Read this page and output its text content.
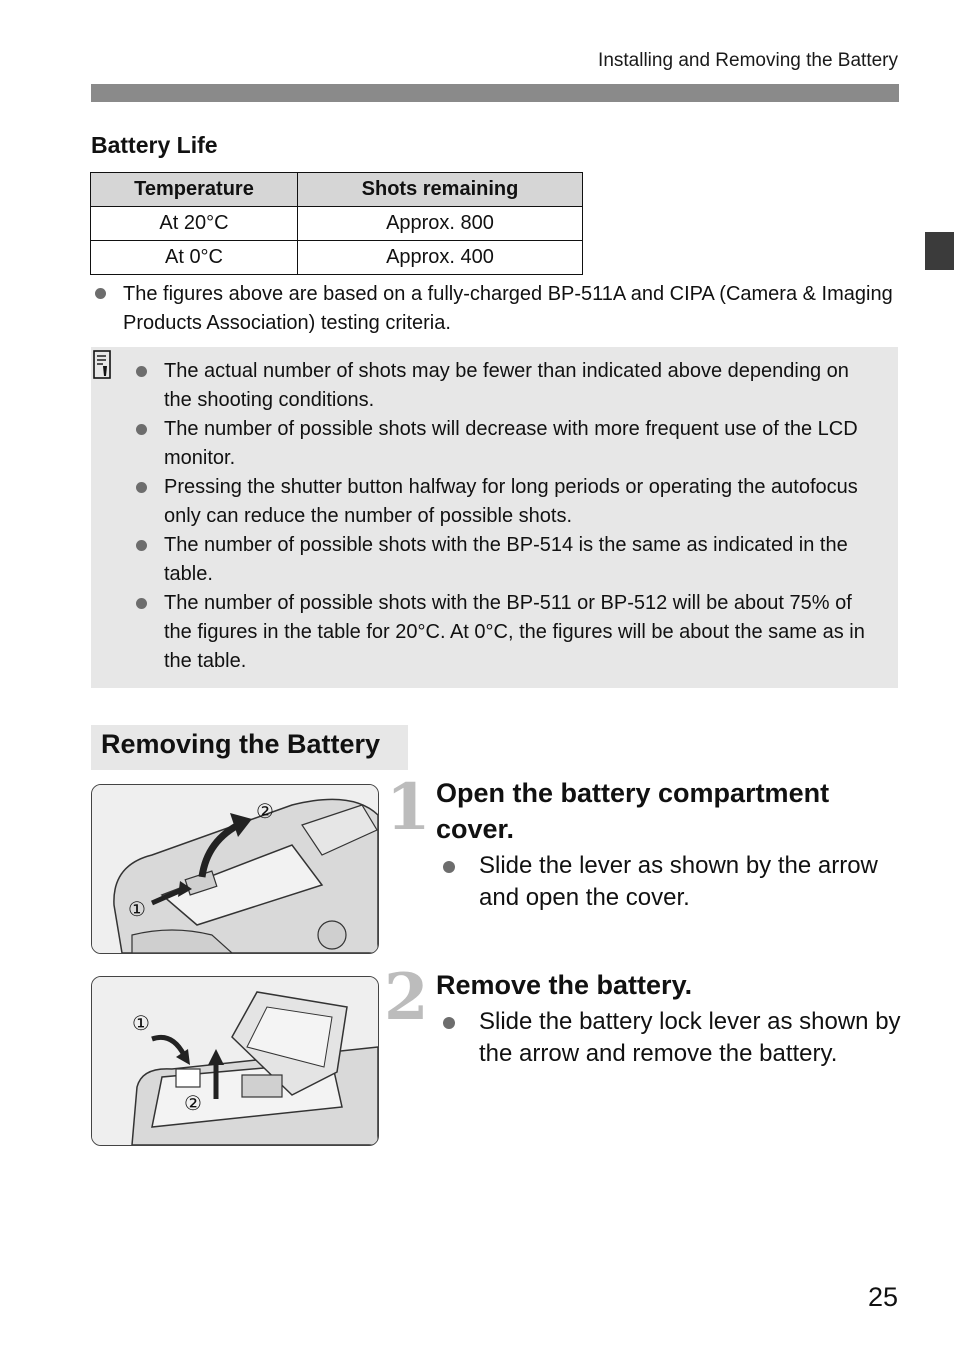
Installing and Removing the Battery
Battery Life
Temperature	Shots remaining
At 20°C	Approx. 800
At 0°C	Approx. 400
The figures above are based on a fully-charged BP-511A and CIPA (Camera & Imaging Products Association) testing criteria.
The actual number of shots may be fewer than indicated above depending on the shooting conditions.
The number of possible shots will decrease with more frequent use of the LCD monitor.
Pressing the shutter button halfway for long periods or operating the autofocus only can reduce the number of possible shots.
The number of possible shots with the BP-514 is the same as indicated in the table.
The number of possible shots with the BP-511 or BP-512 will be about 75% of the figures in the table for 20°C. At 0°C, the figures will be about the same as in the table.
Removing the Battery
①
②
①
②
1 Open the battery compartment cover.
Slide the lever as shown by the arrow and open the cover.
2 Remove the battery.
Slide the battery lock lever as shown by the arrow and remove the battery.
25
